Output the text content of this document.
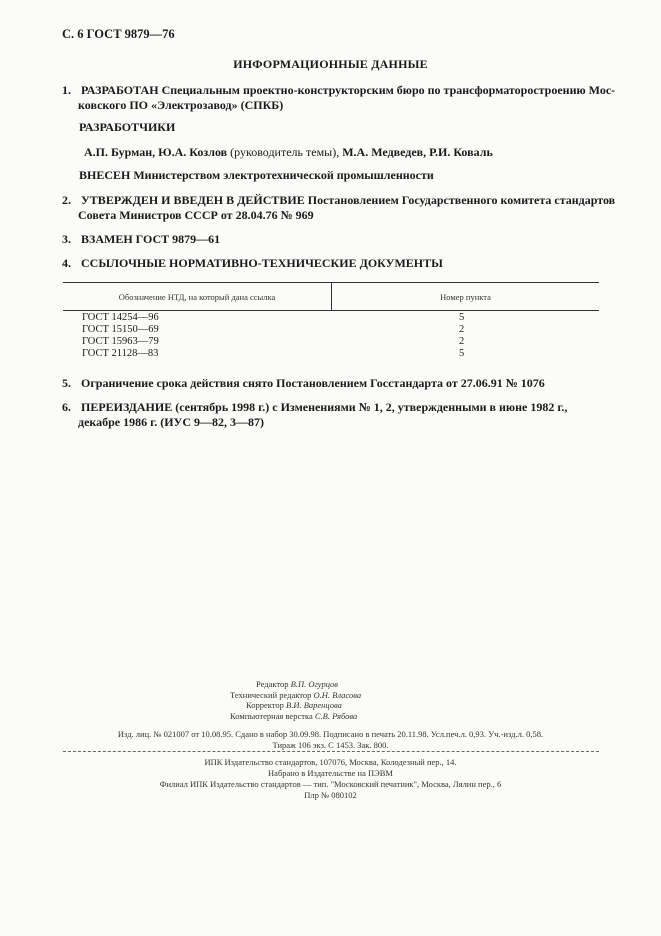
С. 6 ГОСТ 9879—76
ИНФОРМАЦИОННЫЕ ДАННЫЕ
1. РАЗРАБОТАН Специальным проектно-конструкторским бюро по трансформаторостроению Мос-
ковского ПО «Электрозавод» (СПКБ)
РАЗРАБОТЧИКИ
А.П. Бурман, Ю.А. Козлов (руководитель темы), М.А. Медведев, Р.И. Коваль
ВНЕСЕН Министерством электротехнической промышленности
2. УТВЕРЖДЕН И ВВЕДЕН В ДЕЙСТВИЕ Постановлением Государственного комитета стандартов
Совета Министров СССР от 28.04.76 № 969
3. ВЗАМЕН ГОСТ 9879—61
4. ССЫЛОЧНЫЕ НОРМАТИВНО-ТЕХНИЧЕСКИЕ ДОКУМЕНТЫ
Обозначение НТД, на который дана ссылка	Номер пункта
ГОСТ 14254—96	5
ГОСТ 15150—69	2
ГОСТ 15963—79	2
ГОСТ 21128—83	5
5. Ограничение срока действия снято Постановлением Госстандарта от 27.06.91 № 1076
6. ПЕРЕИЗДАНИЕ (сентябрь 1998 г.) с Изменениями № 1, 2, утвержденными в июне 1982 г.,
декабре 1986 г. (ИУС 9—82, 3—87)
Редактор В.П. Огурцов
Технический редактор О.Н. Власова
Корректор В.И. Варенцова
Компьютерная верстка С.В. Рябова
Изд. лиц. № 021007 от 10.08.95. Сдано в набор 30.09.98. Подписано в печать 20.11.98. Усл.печ.л. 0,93. Уч.-изд.л. 0,58.
Тираж 106 экз. С 1453. Зак. 800.
ИПК Издательство стандартов, 107076, Москва, Колодезный пер., 14.
Набрано в Издательстве на ПЭВМ
Филиал ИПК Издательство стандартов — тип. "Московский печатник", Москва, Лялин пер., 6
Плр № 080102
